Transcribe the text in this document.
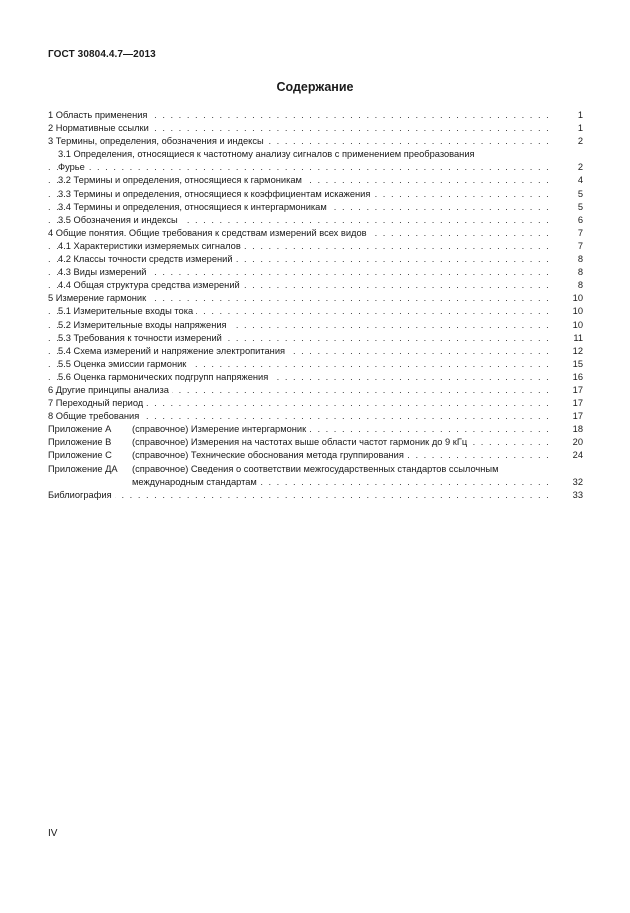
ГОСТ 30804.4.7—2013
Содержание
. . .
1 Область применения	1
. . .
2 Нормативные ссылки	1
. . .
3 Термины, определения, обозначения и индексы	2
3.1 Определения, относящиеся к частотному анализу сигналов с применением преобразования
. . .
Фурье	2
. . .
3.2 Термины и определения, относящиеся к гармоникам	4
. . .
3.3 Термины и определения, относящиеся к коэффициентам искажения	5
. . .
3.4 Термины и определения, относящиеся к интергармоникам	5
. . .
3.5 Обозначения и индексы	6
. . .
4 Общие понятия. Общие требования к средствам измерений всех видов	7
. . .
4.1 Характеристики измеряемых сигналов	7
. . .
4.2 Классы точности средств измерений	8
. . .
4.3 Виды измерений	8
. . .
4.4 Общая структура средства измерений	8
. . .
5 Измерение гармоник	10
. . .
5.1 Измерительные входы тока	10
. . .
5.2 Измерительные входы напряжения	10
. . .
5.3 Требования к точности измерений	11
. . .
5.4 Схема измерений и напряжение электропитания	12
. . .
5.5 Оценка эмиссии гармоник	15
. . .
5.6 Оценка гармонических подгрупп напряжения	16
. . .
6 Другие принципы анализа	17
. . .
7 Переходный период	17
. . .
8 Общие требования	17
. . .
Приложение А (справочное) Измерение интергармоник	18
. . .
Приложение В (справочное) Измерения на частотах выше области частот гармоник до 9 кГц	20
. . .
Приложение С (справочное) Технические обоснования метода группирования	24
Приложение ДА (справочное) Сведения о соответствии межгосударственных стандартов ссылочным
. . .
международным стандартам	32
. . .
Библиография	33
IV
